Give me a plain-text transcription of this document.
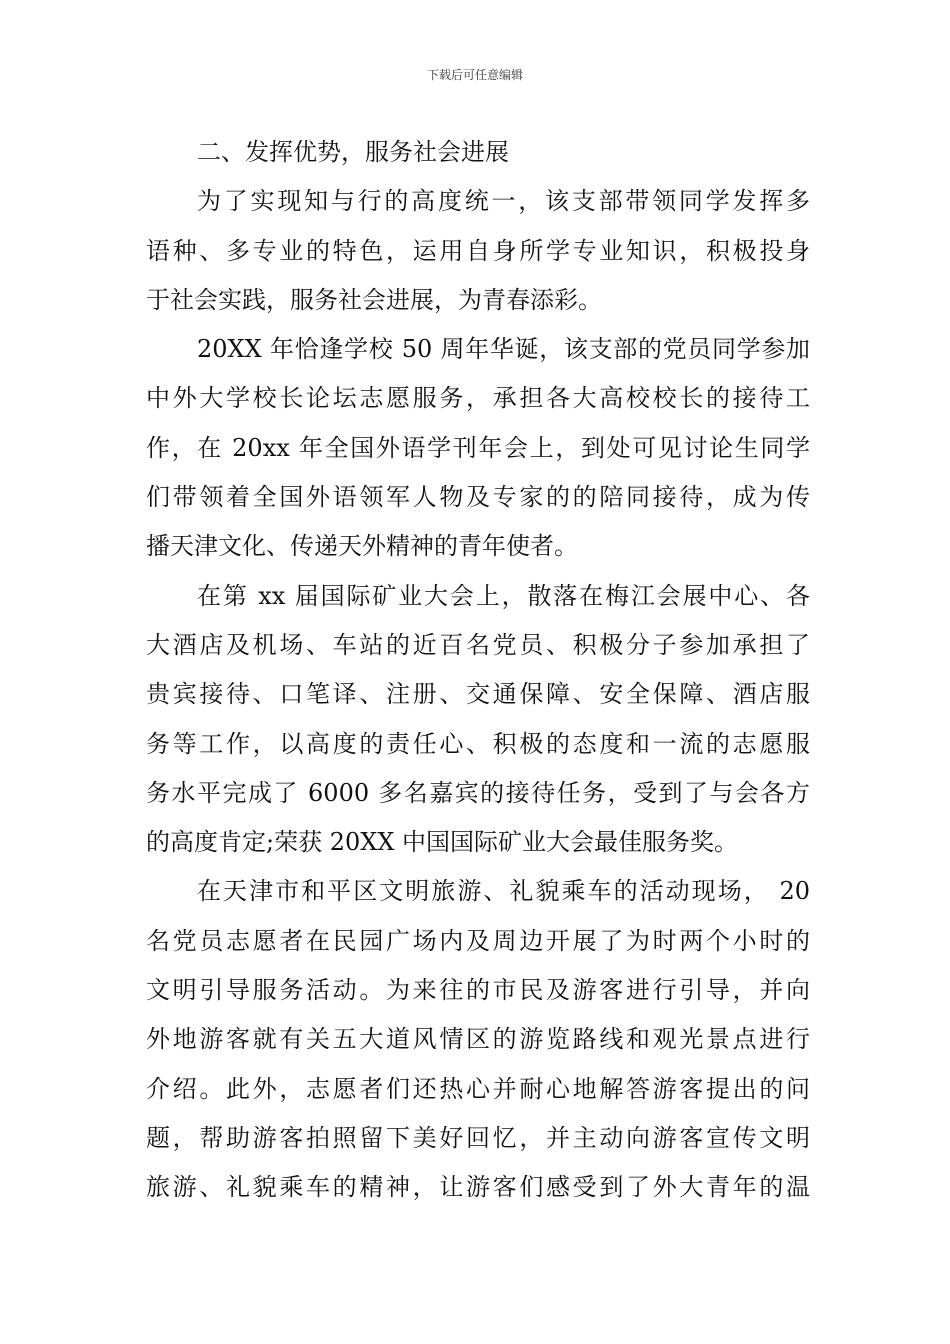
下载后可任意编辑
二、发挥优势，服务社会进展
为了实现知与行的高度统一，该支部带领同学发挥多
语种、多专业的特色，运用自身所学专业知识，积极投身
于社会实践，服务社会进展，为青春添彩。
20XX 年恰逢学校 50 周年华诞，该支部的党员同学参加
中外大学校长论坛志愿服务，承担各大高校校长的接待工
作，在 20xx 年全国外语学刊年会上，到处可见讨论生同学
们带领着全国外语领军人物及专家的的陪同接待，成为传
播天津文化、传递天外精神的青年使者。
在第 xx 届国际矿业大会上，散落在梅江会展中心、各
大酒店及机场、车站的近百名党员、积极分子参加承担了
贵宾接待、口笔译、注册、交通保障、安全保障、酒店服
务等工作，以高度的责任心、积极的态度和一流的志愿服
务水平完成了 6000 多名嘉宾的接待任务，受到了与会各方
的高度肯定;荣获 20XX 中国国际矿业大会最佳服务奖。
在天津市和平区文明旅游、礼貌乘车的活动现场， 20
名党员志愿者在民园广场内及周边开展了为时两个小时的
文明引导服务活动。为来往的市民及游客进行引导，并向
外地游客就有关五大道风情区的游览路线和观光景点进行
介绍。此外，志愿者们还热心并耐心地解答游客提出的问
题，帮助游客拍照留下美好回忆，并主动向游客宣传文明
旅游、礼貌乘车的精神，让游客们感受到了外大青年的温
